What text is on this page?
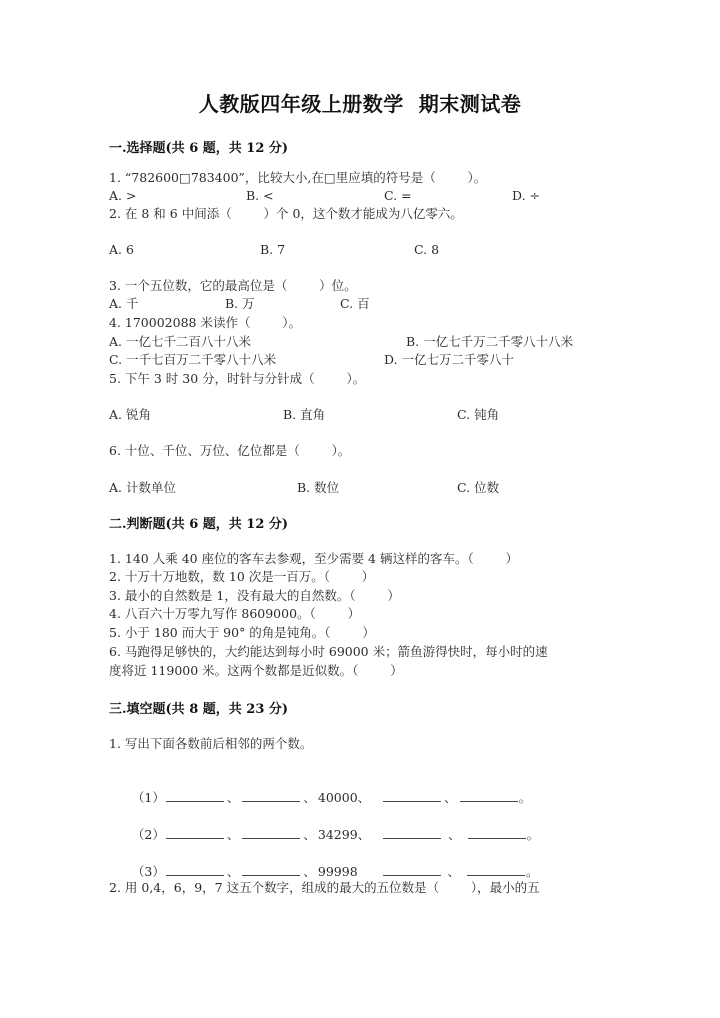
人教版四年级上册数学  期末测试卷
一.选择题(共 6 题，共 12 分)
1. “782600□783400”，比较大小,在□里应填的符号是（        ）。
A. >	B. <	C. =	D. ÷
2. 在 8 和 6 中间添（        ）个 0，这个数才能成为八亿零六。
A. 6	B. 7	C. 8
3. 一个五位数，它的最高位是（        ）位。
A. 千	B. 万	C. 百
4. 170002088 米读作（        ）。
A. 一亿七千二百八十八米	B. 一亿七千万二千零八十八米
C. 一千七百万二千零八十八米	D. 一亿七万二千零八十
5. 下午 3 时 30 分，时针与分针成（        ）。
A. 锐角	B. 直角	C. 钝角
6. 十位、千位、万位、亿位都是（        ）。
A. 计数单位	B. 数位	C. 位数
二.判断题(共 6 题，共 12 分)
1. 140 人乘 40 座位的客车去参观，至少需要 4 辆这样的客车。（        ）
2. 十万十万地数，数 10 次是一百万。（        ）
3. 最小的自然数是 1，没有最大的自然数。（        ）
4. 八百六十万零九写作 8609000。（        ）
5. 小于 180 而大于 90° 的角是钝角。（        ）
6. 马跑得足够快的，大约能达到每小时 69000 米；箭鱼游得快时，每小时的速
度将近 119000 米。这两个数都是近似数。（        ）
三.填空题(共 8 题，共 23 分)
1. 写出下面各数前后相邻的两个数。

（1）	、	、 40000、	、	。

（2）	、	、 34299、	、	。

（3）	、	、 99998	、	。

2. 用 0,4，6，9，7 这五个数字，组成的最大的五位数是（        ），最小的五
